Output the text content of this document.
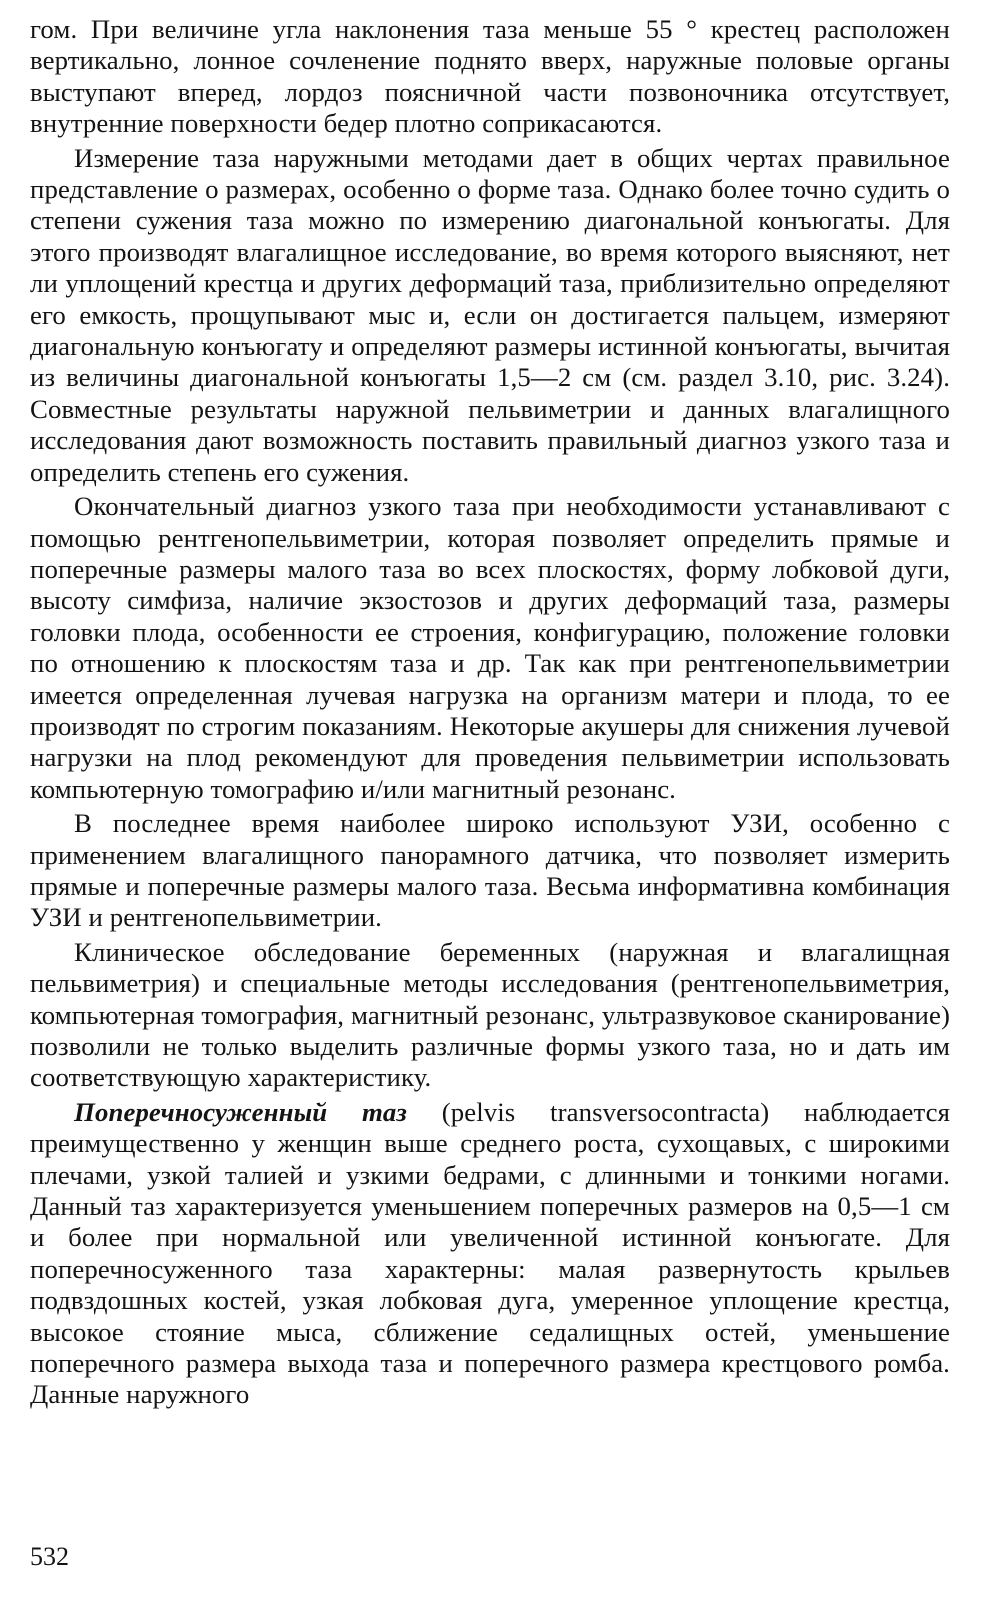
гом. При величине угла наклонения таза меньше 55 ° крестец расположен вертикально, лонное сочленение поднято вверх, наружные половые органы выступают вперед, лордоз поясничной части позвоночника отсутствует, внутренние поверхности бедер плотно соприкасаются.

Измерение таза наружными методами дает в общих чертах правильное представление о размерах, особенно о форме таза. Однако более точно судить о степени сужения таза можно по измерению диагональной конъюгаты. Для этого производят влагалищное исследование, во время которого выясняют, нет ли уплощений крестца и других деформаций таза, приблизительно определяют его емкость, прощупывают мыс и, если он достигается пальцем, измеряют диагональную конъюгату и определяют размеры истинной конъюгаты, вычитая из величины диагональной конъюгаты 1,5—2 см (см. раздел 3.10, рис. 3.24). Совместные результаты наружной пельвиметрии и данных влагалищного исследования дают возможность поставить правильный диагноз узкого таза и определить степень его сужения.

Окончательный диагноз узкого таза при необходимости устанавливают с помощью рентгенопельвиметрии, которая позволяет определить прямые и поперечные размеры малого таза во всех плоскостях, форму лобковой дуги, высоту симфиза, наличие экзостозов и других деформаций таза, размеры головки плода, особенности ее строения, конфигурацию, положение головки по отношению к плоскостям таза и др. Так как при рентгенопельвиметрии имеется определенная лучевая нагрузка на организм матери и плода, то ее производят по строгим показаниям. Некоторые акушеры для снижения лучевой нагрузки на плод рекомендуют для проведения пельвиметрии использовать компьютерную томографию и/или магнитный резонанс.

В последнее время наиболее широко используют УЗИ, особенно с применением влагалищного панорамного датчика, что позволяет измерить прямые и поперечные размеры малого таза. Весьма информативна комбинация УЗИ и рентгенопельвиметрии.

Клиническое обследование беременных (наружная и влагалищная пельвиметрия) и специальные методы исследования (рентгенопельвиметрия, компьютерная томография, магнитный резонанс, ультразвуковое сканирование) позволили не только выделить различные формы узкого таза, но и дать им соответствующую характеристику.

Поперечносуженный таз (pelvis transversocontracta) наблюдается преимущественно у женщин выше среднего роста, сухощавых, с широкими плечами, узкой талией и узкими бедрами, с длинными и тонкими ногами. Данный таз характеризуется уменьшением поперечных размеров на 0,5—1 см и более при нормальной или увеличенной истинной конъюгате. Для поперечносуженного таза характерны: малая развернутость крыльев подвздошных костей, узкая лобковая дуга, умеренное уплощение крестца, высокое стояние мыса, сближение седалищных остей, уменьшение поперечного размера выхода таза и поперечного размера крестцового ромба. Данные наружного

532
